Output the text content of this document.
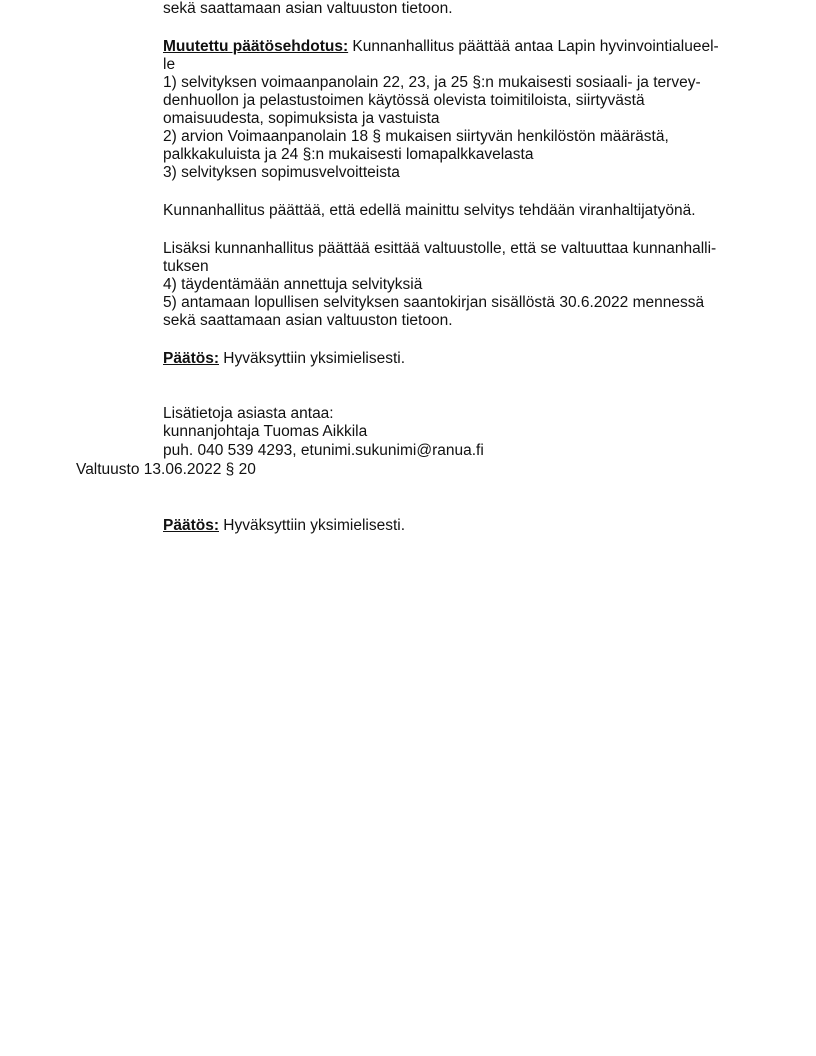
sekä saattamaan asian valtuuston tietoon.
Muutettu päätösehdotus: Kunnanhallitus päättää antaa Lapin hyvinvointialueel-
le
1) selvityksen voimaanpanolain 22, 23, ja 25 §:n mukaisesti sosiaali- ja tervey-
denhuollon ja pelastustoimen käytössä olevista toimitiloista, siirtyvästä
omaisuudesta, sopimuksista ja vastuista
2) arvion Voimaanpanolain 18 § mukaisen siirtyvän henkilöstön määrästä,
palkkakuluista ja 24 §:n mukaisesti lomapalkkavelasta
3) selvityksen sopimusvelvoitteista
Kunnanhallitus päättää, että edellä mainittu selvitys tehdään viranhaltijatyönä.
Lisäksi kunnanhallitus päättää esittää valtuustolle, että se valtuuttaa kunnanhalli-
tuksen
4) täydentämään annettuja selvityksiä
5) antamaan lopullisen selvityksen saantokirjan sisällöstä 30.6.2022 mennessä
sekä saattamaan asian valtuuston tietoon.
Päätös: Hyväksyttiin yksimielisesti.
Lisätietoja asiasta antaa:
kunnanjohtaja Tuomas Aikkila
puh. 040 539 4293, etunimi.sukunimi@ranua.fi
Valtuusto 13.06.2022 § 20
Päätös: Hyväksyttiin yksimielisesti.
